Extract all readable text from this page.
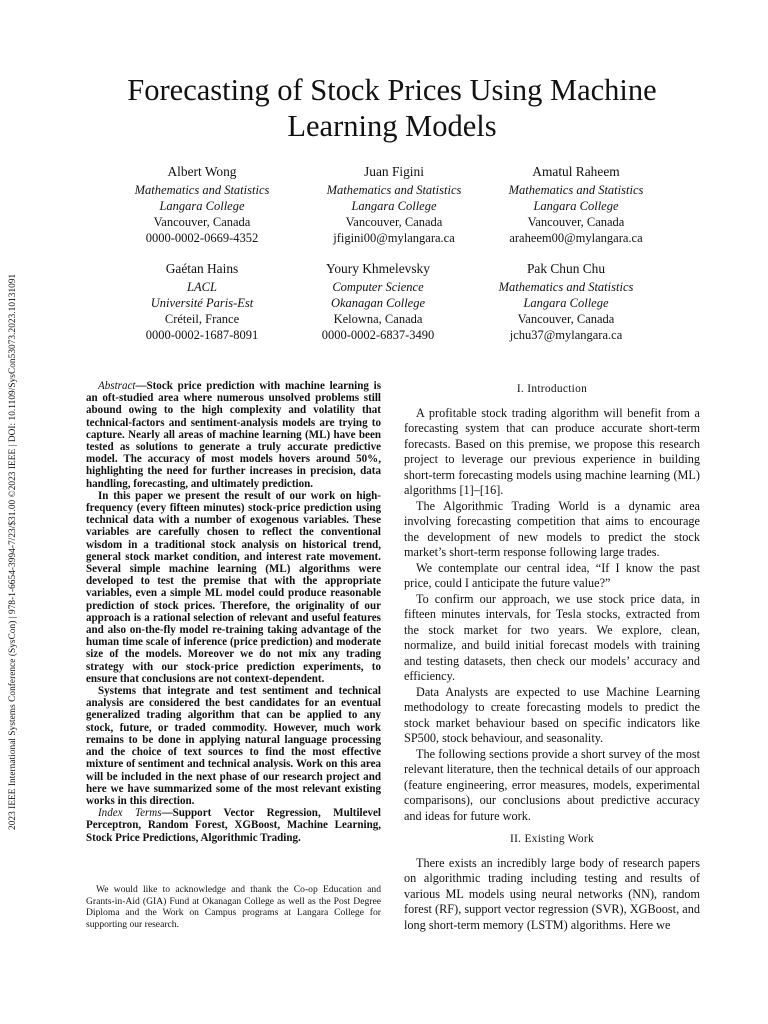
2023 IEEE International Systems Conference (SysCon) | 978-1-6654-3994-7/23/$31.00 ©2023 IEEE | DOI: 10.1109/SysCon53073.2023.10131091
Forecasting of Stock Prices Using Machine
Learning Models
Albert Wong
Mathematics and Statistics
Langara College
Vancouver, Canada
0000-0002-0669-4352
Juan Figini
Mathematics and Statistics
Langara College
Vancouver, Canada
jfigini00@mylangara.ca
Amatul Raheem
Mathematics and Statistics
Langara College
Vancouver, Canada
araheem00@mylangara.ca
Gaétan Hains
LACL
Université Paris-Est
Créteil, France
0000-0002-1687-8091
Youry Khmelevsky
Computer Science
Okanagan College
Kelowna, Canada
0000-0002-6837-3490
Pak Chun Chu
Mathematics and Statistics
Langara College
Vancouver, Canada
jchu37@mylangara.ca

Abstract—Stock price prediction with machine learning is an oft-studied area where numerous unsolved problems still abound owing to the high complexity and volatility that technical-factors and sentiment-analysis models are trying to capture. Nearly all areas of machine learning (ML) have been tested as solutions to generate a truly accurate predictive model. The accuracy of most models hovers around 50%, highlighting the need for further increases in precision, data handling, forecasting, and ultimately prediction.

In this paper we present the result of our work on high-frequency (every fifteen minutes) stock-price prediction using technical data with a number of exogenous variables. These variables are carefully chosen to reflect the conventional wisdom in a traditional stock analysis on historical trend, general stock market condition, and interest rate movement. Several simple machine learning (ML) algorithms were developed to test the premise that with the appropriate variables, even a simple ML model could produce reasonable prediction of stock prices. Therefore, the originality of our approach is a rational selection of relevant and useful features and also on-the-fly model re-training taking advantage of the human time scale of inference (price prediction) and moderate size of the models. Moreover we do not mix any trading strategy with our stock-price prediction experiments, to ensure that conclusions are not context-dependent.

Systems that integrate and test sentiment and technical analysis are considered the best candidates for an eventual generalized trading algorithm that can be applied to any stock, future, or traded commodity. However, much work remains to be done in applying natural language processing and the choice of text sources to find the most effective mixture of sentiment and technical analysis. Work on this area will be included in the next phase of our research project and here we have summarized some of the most relevant existing works in this direction.

Index Terms—Support Vector Regression, Multilevel Perceptron, Random Forest, XGBoost, Machine Learning, Stock Price Predictions, Algorithmic Trading.

We would like to acknowledge and thank the Co-op Education and Grants-in-Aid (GIA) Fund at Okanagan College as well as the Post Degree Diploma and the Work on Campus programs at Langara College for supporting our research.

I. Introduction

A profitable stock trading algorithm will benefit from a forecasting system that can produce accurate short-term forecasts. Based on this premise, we propose this research project to leverage our previous experience in building short-term forecasting models using machine learning (ML) algorithms [1]–[16].

The Algorithmic Trading World is a dynamic area involving forecasting competition that aims to encourage the development of new models to predict the stock market’s short-term response following large trades.

We contemplate our central idea, “If I know the past price, could I anticipate the future value?”

To confirm our approach, we use stock price data, in fifteen minutes intervals, for Tesla stocks, extracted from the stock market for two years. We explore, clean, normalize, and build initial forecast models with training and testing datasets, then check our models’ accuracy and efficiency.

Data Analysts are expected to use Machine Learning methodology to create forecasting models to predict the stock market behaviour based on specific indicators like SP500, stock behaviour, and seasonality.

The following sections provide a short survey of the most relevant literature, then the technical details of our approach (feature engineering, error measures, models, experimental comparisons), our conclusions about predictive accuracy and ideas for future work.

II. Existing Work

There exists an incredibly large body of research papers on algorithmic trading including testing and results of various ML models using neural networks (NN), random forest (RF), support vector regression (SVR), XGBoost, and long short-term memory (LSTM) algorithms. Here we
